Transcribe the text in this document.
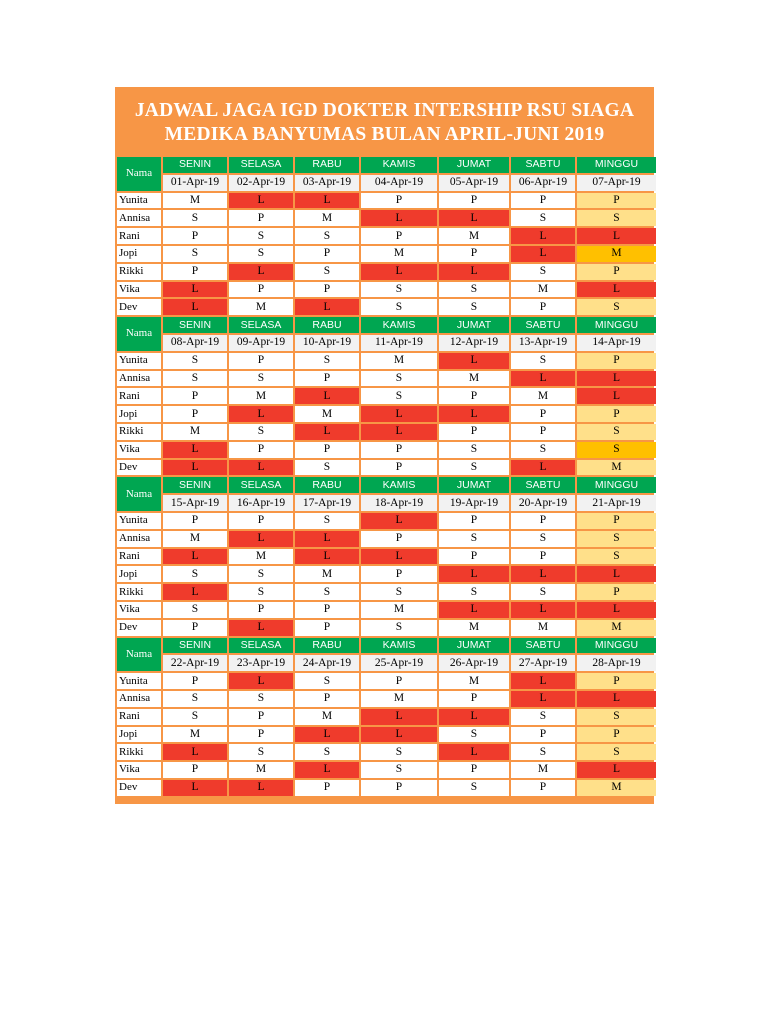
JADWAL JAGA IGD DOKTER INTERSHIP RSU SIAGA
MEDIKA BANYUMAS BULAN APRIL-JUNI 2019
Nama	SENIN	SELASA	RABU	KAMIS	JUMAT	SABTU	MINGGU
	01-Apr-19	02-Apr-19	03-Apr-19	04-Apr-19	05-Apr-19	06-Apr-19	07-Apr-19
Yunita	M	L	L	P	P	P	P
Annisa	S	P	M	L	L	S	S
Rani	P	S	S	P	M	L	L
Jopi	S	S	P	M	P	L	M
Rikki	P	L	S	L	L	S	P
Vika	L	P	P	S	S	M	L
Dev	L	M	L	S	S	P	S
Nama	SENIN	SELASA	RABU	KAMIS	JUMAT	SABTU	MINGGU
	08-Apr-19	09-Apr-19	10-Apr-19	11-Apr-19	12-Apr-19	13-Apr-19	14-Apr-19
Yunita	S	P	S	M	L	S	P
Annisa	S	S	P	S	M	L	L
Rani	P	M	L	S	P	M	L
Jopi	P	L	M	L	L	P	P
Rikki	M	S	L	L	P	P	S
Vika	L	P	P	P	S	S	S
Dev	L	L	S	P	S	L	M
Nama	SENIN	SELASA	RABU	KAMIS	JUMAT	SABTU	MINGGU
	15-Apr-19	16-Apr-19	17-Apr-19	18-Apr-19	19-Apr-19	20-Apr-19	21-Apr-19
Yunita	P	P	S	L	P	P	P
Annisa	M	L	L	P	S	S	S
Rani	L	M	L	L	P	P	S
Jopi	S	S	M	P	L	L	L
Rikki	L	S	S	S	S	S	P
Vika	S	P	P	M	L	L	L
Dev	P	L	P	S	M	M	M
Nama	SENIN	SELASA	RABU	KAMIS	JUMAT	SABTU	MINGGU
	22-Apr-19	23-Apr-19	24-Apr-19	25-Apr-19	26-Apr-19	27-Apr-19	28-Apr-19
Yunita	P	L	S	P	M	L	P
Annisa	S	S	P	M	P	L	L
Rani	S	P	M	L	L	S	S
Jopi	M	P	L	L	S	P	P
Rikki	L	S	S	S	L	S	S
Vika	P	M	L	S	P	M	L
Dev	L	L	P	P	S	P	M
